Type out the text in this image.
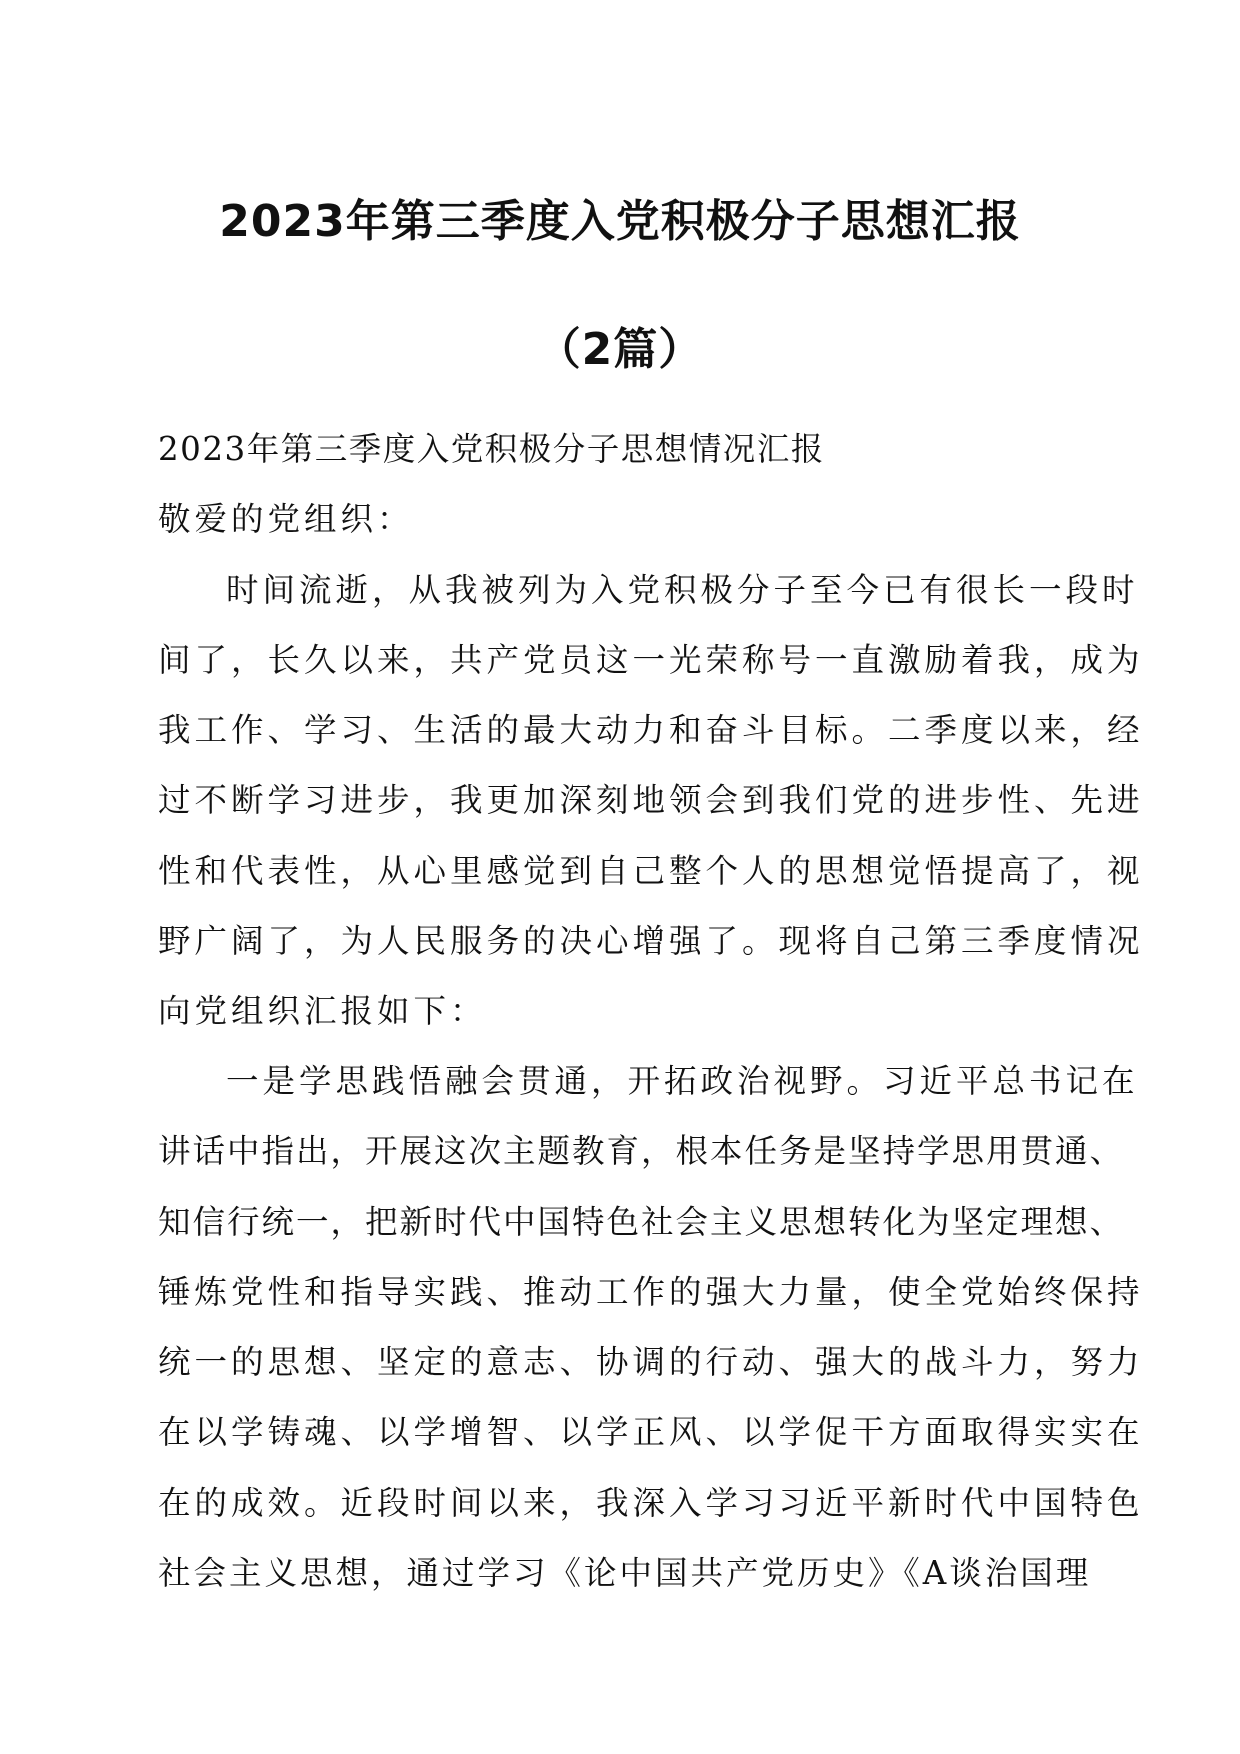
2023年第三季度入党积极分子思想汇报
（2篇）
2023年第三季度入党积极分子思想情况汇报
敬爱的党组织：
时间流逝，从我被列为入党积极分子至今已有很长一段时
间了，长久以来，共产党员这一光荣称号一直激励着我，成为
我工作、学习、生活的最大动力和奋斗目标。二季度以来，经
过不断学习进步，我更加深刻地领会到我们党的进步性、先进
性和代表性，从心里感觉到自己整个人的思想觉悟提高了，视
野广阔了，为人民服务的决心增强了。现将自己第三季度情况
向党组织汇报如下：
一是学思践悟融会贯通，开拓政治视野。习近平总书记在
讲话中指出，开展这次主题教育，根本任务是坚持学思用贯通、
知信行统一，把新时代中国特色社会主义思想转化为坚定理想、
锤炼党性和指导实践、推动工作的强大力量，使全党始终保持
统一的思想、坚定的意志、协调的行动、强大的战斗力，努力
在以学铸魂、以学增智、以学正风、以学促干方面取得实实在
在的成效。近段时间以来，我深入学习习近平新时代中国特色
社会主义思想，通过学习《论中国共产党历史》《A谈治国理
